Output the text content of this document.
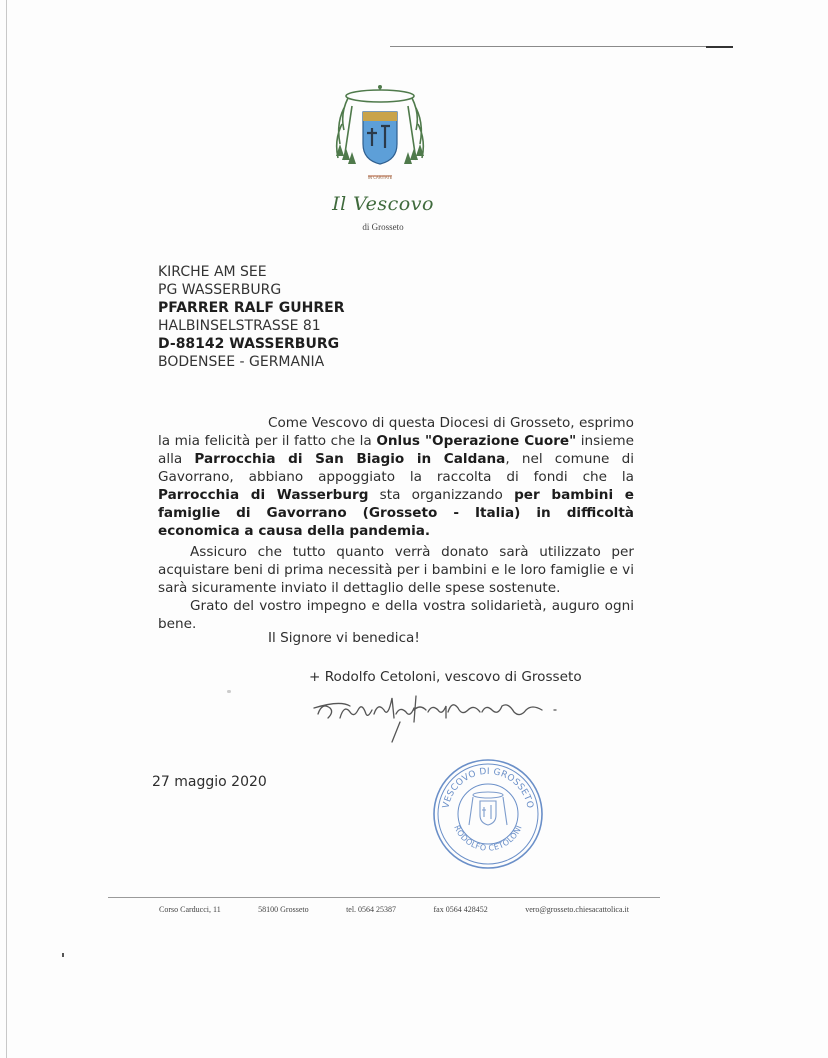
IN CARITATE
Il Vescovo
di Grosseto
KIRCHE AM SEE
PG WASSERBURG
PFARRER RALF GUHRER
HALBINSELSTRASSE 81
D-88142 WASSERBURG
BODENSEE - GERMANIA
Come Vescovo di questa Diocesi di Grosseto, esprimo la mia felicità per il fatto che la Onlus "Operazione Cuore" insieme alla Parrocchia di San Biagio in Caldana, nel comune di Gavorrano, abbiano appoggiato la raccolta di fondi che la Parrocchia di Wasserburg sta organizzando per bambini e famiglie di Gavorrano (Grosseto - Italia) in difficoltà economica a causa della pandemia.
Assicuro che tutto quanto verrà donato sarà utilizzato per acquistare beni di prima necessità per i bambini e le loro famiglie e vi sarà sicuramente inviato il dettaglio delle spese sostenute.
Grato del vostro impegno e della vostra solidarietà, auguro ogni bene.
Il Signore vi benedica!
+ Rodolfo Cetoloni, vescovo di Grosseto
27 maggio 2020
VESCOVO DI GROSSETO
RODOLFO CETOLONI
Corso Carducci, 11	58100 Grosseto	tel. 0564 25387	fax 0564 428452	vero@grosseto.chiesacattolica.it
